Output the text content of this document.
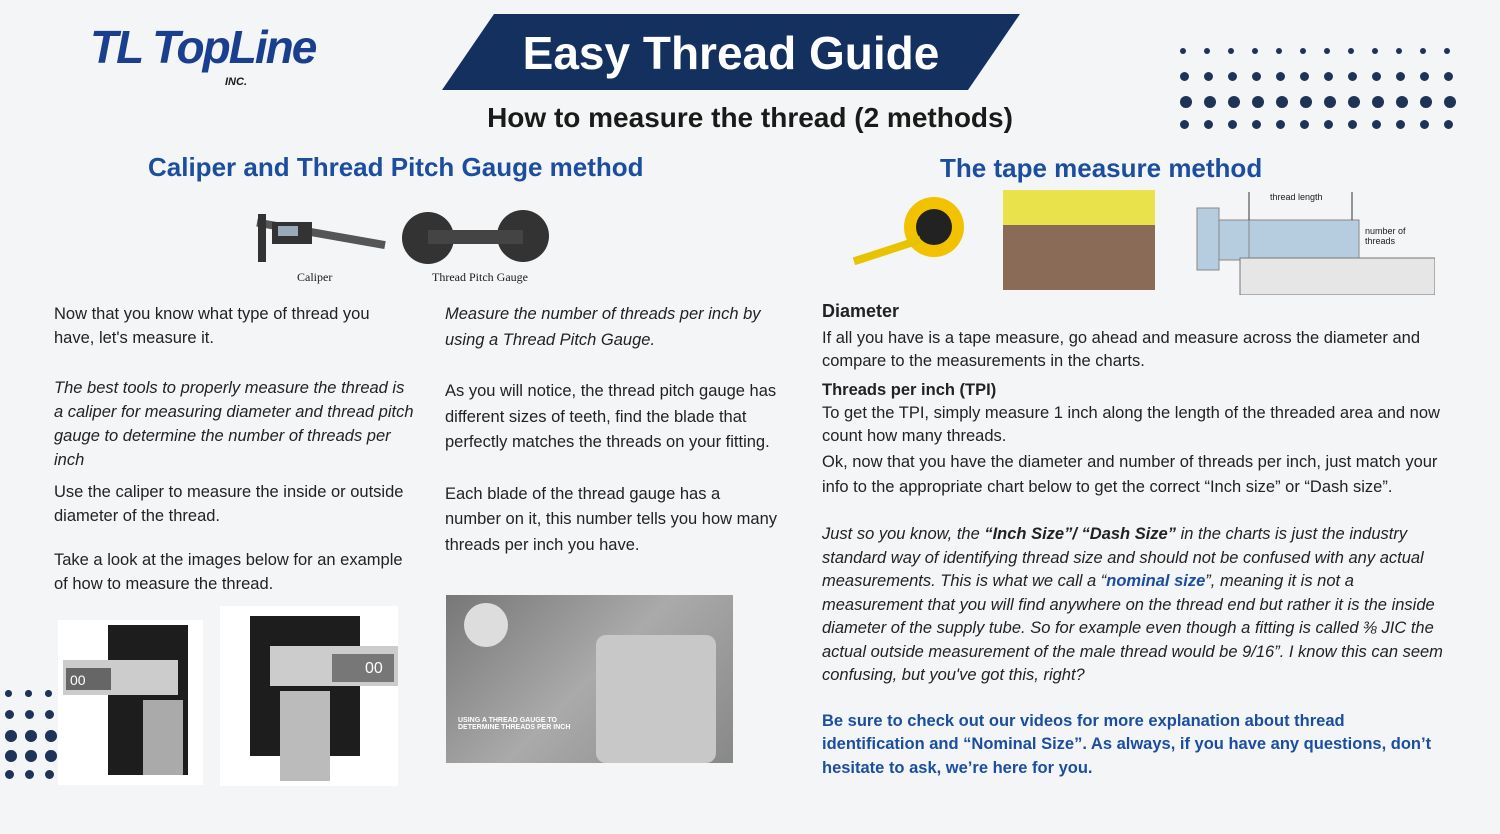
TL TopLine
INC.
Easy Thread Guide
How to measure the thread (2 methods)
Caliper and Thread Pitch Gauge method
Caliper	Thread Pitch Gauge
Now that you know what type of thread you have, let's measure it.
The best tools to properly measure the thread is a caliper for measuring diameter and thread pitch gauge to determine the number of threads per inch
Use the caliper to measure the inside or outside diameter of the thread.
Take a look at the images below for an example of how to measure the thread.
Measure the number of threads per inch by using a Thread Pitch Gauge.
As you will notice, the thread pitch gauge has different sizes of teeth, find the blade that perfectly matches the threads on your fitting.
Each blade of the thread gauge has a number on it, this number tells you how many threads per inch you have.
00
00
USING A THREAD GAUGE TO DETERMINE THREADS PER INCH
The tape measure method
thread length
number of threads
Diameter
If all you have is a tape measure, go ahead and measure across the diameter and compare to the measurements in the charts.
Threads per inch (TPI)
To get the TPI, simply measure 1 inch along the length of the threaded area and now count how many threads.
Ok, now that you have the diameter and number of threads per inch, just match your info to the appropriate chart below to get the correct “Inch size” or “Dash size”.
Just so you know, the “Inch Size”/ “Dash Size” in the charts is just the industry standard way of identifying thread size and should not be confused with any actual measurements. This is what we call a “nominal size”, meaning it is not a measurement that you will find anywhere on the thread end but rather it is the inside diameter of the supply tube. So for example even though a fitting is called ⅜ JIC the actual outside measurement of the male thread would be 9/16”. I know this can seem confusing, but you've got this, right?
Be sure to check out our videos for more explanation about thread identification and “Nominal Size”. As always, if you have any questions, don’t hesitate to ask, we’re here for you.
